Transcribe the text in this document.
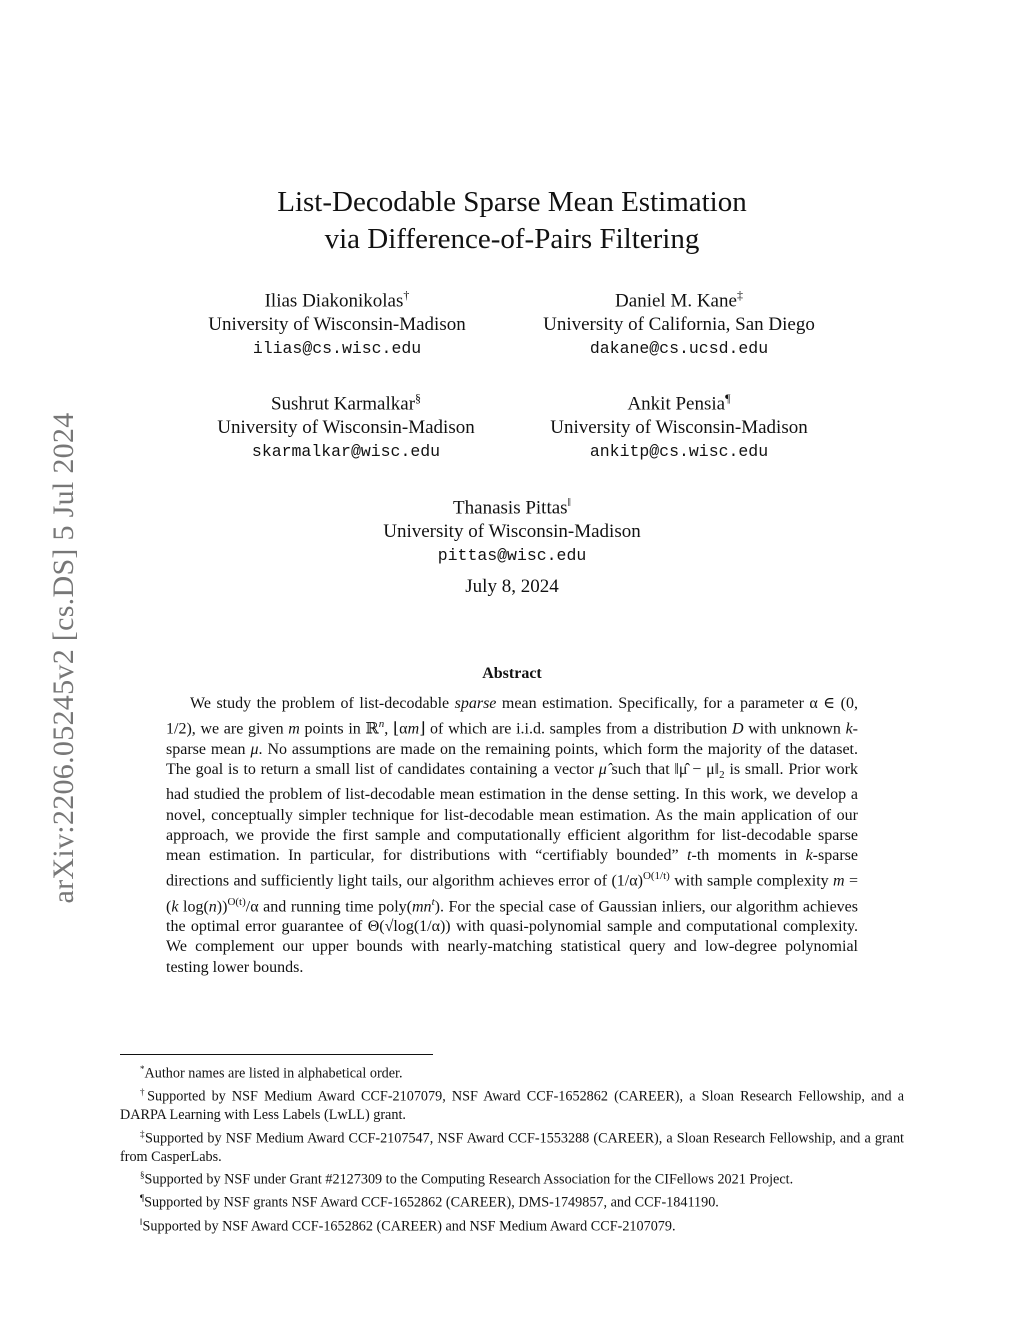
arXiv:2206.05245v2 [cs.DS] 5 Jul 2024
List-Decodable Sparse Mean Estimation
via Difference-of-Pairs Filtering
Ilias Diakonikolas†
University of Wisconsin-Madison
ilias@cs.wisc.edu
Daniel M. Kane‡
University of California, San Diego
dakane@cs.ucsd.edu
Sushrut Karmalkar§
University of Wisconsin-Madison
skarmalkar@wisc.edu
Ankit Pensia¶
University of Wisconsin-Madison
ankitp@cs.wisc.edu
Thanasis Pittas‖
University of Wisconsin-Madison
pittas@wisc.edu
July 8, 2024
Abstract
We study the problem of list-decodable sparse mean estimation. Specifically, for a parameter α ∈ (0, 1/2), we are given m points in ℝ$^n$, ⌊αm⌋ of which are i.i.d. samples from a distribution D with unknown k-sparse mean μ. No assumptions are made on the remaining points, which form the majority of the dataset. The goal is to return a small list of candidates containing a vector μ̂ such that ‖μ̂ − $\mu‖_2$ is small. Prior work had studied the problem of list-decodable mean estimation in the dense setting. In this work, we develop a novel, conceptually simpler technique for list-decodable mean estimation. As the main application of our approach, we provide the first sample and computationally efficient algorithm for list-decodable sparse mean estimation. In particular, for distributions with “certifiably bounded” t-th moments in k-sparse directions and sufficiently light tails, our algorithm achieves error of $(1/\alpha)^{O(1/t)}$ with sample complexity m = (k log(n))$^{O(t)}$/α and running time $poly(mn^t)$. For the special case of Gaussian inliers, our algorithm achieves the optimal error guarantee of Θ(√log(1/α)) with quasi-polynomial sample and computational complexity. We complement our upper bounds with nearly-matching statistical query and low-degree polynomial testing lower bounds.

*Author names are listed in alphabetical order.

†Supported by NSF Medium Award CCF-2107079, NSF Award CCF-1652862 (CAREER), a Sloan Research Fellowship, and a DARPA Learning with Less Labels (LwLL) grant.

‡Supported by NSF Medium Award CCF-2107547, NSF Award CCF-1553288 (CAREER), a Sloan Research Fellowship, and a grant from CasperLabs.

§Supported by NSF under Grant #2127309 to the Computing Research Association for the CIFellows 2021 Project.

¶Supported by NSF grants NSF Award CCF-1652862 (CAREER), DMS-1749857, and CCF-1841190.

‖Supported by NSF Award CCF-1652862 (CAREER) and NSF Medium Award CCF-2107079.
